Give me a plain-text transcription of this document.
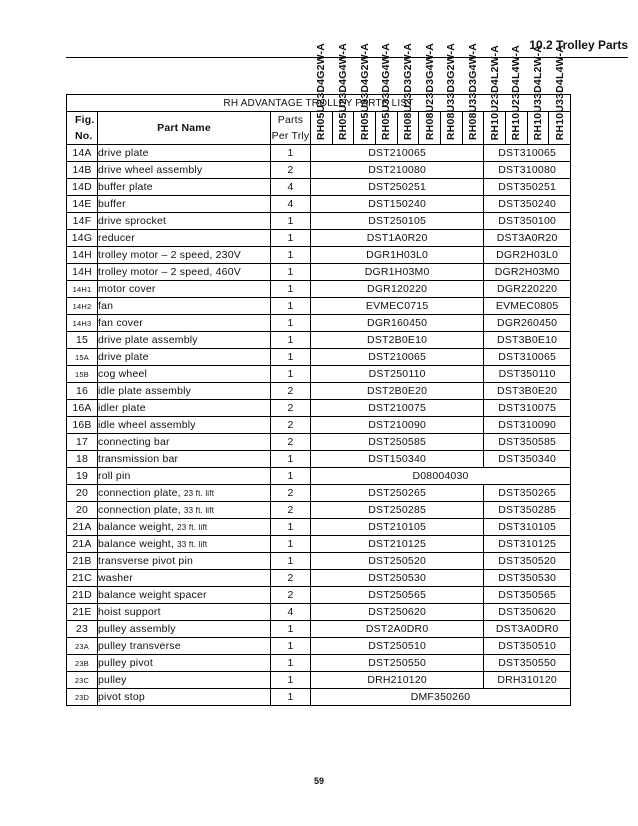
10.2 Trolley Parts
RH ADVANTAGE TROLLEY PARTS LIST														
Fig. No.	Part Name	Parts Per Trly	RH05U23D4G2W-A	RH05U23D4G4W-A	RH05U33D4G2W-A	RH05U33D4G4W-A	RH08U23D3G2W-A	RH08U23D3G4W-A	RH08U33D3G2W-A	RH08U33D3G4W-A	RH10U23D4L2W-A	RH10U23D4L4W-A	RH10U33D4L2W-A	RH10U33D4L4W-A

14A	drive plate	1	DST210065								DST310065			
14B	drive wheel assembly	2	DST210080								DST310080			
14D	buffer plate	4	DST250251								DST350251			
14E	buffer	4	DST150240								DST350240			
14F	drive sprocket	1	DST250105								DST350100			
14G	reducer	1	DST1A0R20								DST3A0R20			
14H	trolley motor – 2 speed, 230V	1	DGR1H03L0								DGR2H03L0			
14H	trolley motor – 2 speed, 460V	1	DGR1H03M0								DGR2H03M0			
14H1	motor cover	1	DGR120220								DGR220220			
14H2	fan	1	EVMEC0715								EVMEC0805			
14H3	fan cover	1	DGR160450								DGR260450			
15	drive plate assembly	1	DST2B0E10								DST3B0E10			
15A	drive plate	1	DST210065								DST310065			
15B	cog wheel	1	DST250110								DST350110			
16	idle plate assembly	2	DST2B0E20								DST3B0E20			
16A	idler plate	2	DST210075								DST310075			
16B	idle wheel assembly	2	DST210090								DST310090			
17	connecting bar	2	DST250585								DST350585			
18	transmission bar	1	DST150340								DST350340			
19	roll pin	1	D08004030											
20	connection plate, 23 ft. lift	2	DST250265								DST350265			
20	connection plate, 33 ft. lift	2	DST250285								DST350285			
21A	balance weight, 23 ft. lift	1	DST210105								DST310105			
21A	balance weight, 33 ft. lift	1	DST210125								DST310125			
21B	transverse pivot pin	1	DST250520								DST350520			
21C	washer	2	DST250530								DST350530			
21D	balance weight spacer	2	DST250565								DST350565			
21E	hoist support	4	DST250620								DST350620			
23	pulley assembly	1	DST2A0DR0								DST3A0DR0			
23A	pulley transverse	1	DST250510								DST350510			
23B	pulley pivot	1	DST250550								DST350550			
23C	pulley	1	DRH210120								DRH310120			
23D	pivot stop	1	DMF350260											
59
